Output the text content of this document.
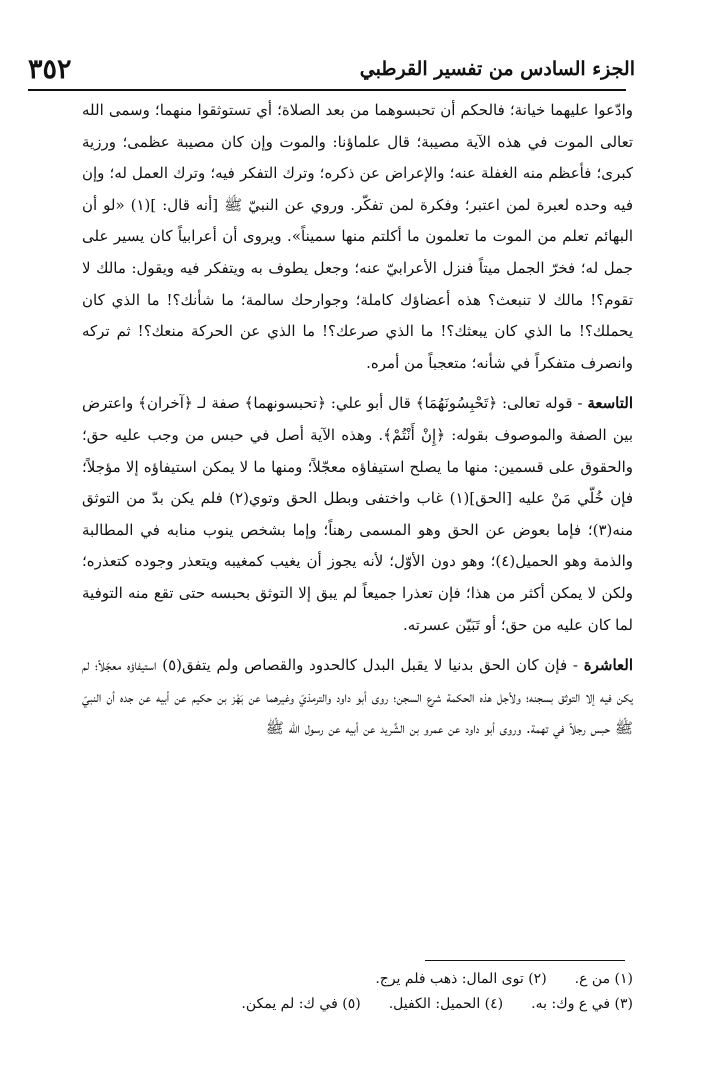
٣٥٢	الجزء السادس من تفسير القرطبي

وادّعوا عليهما خيانة؛ فالحكم أن تحبسوهما من بعد الصلاة؛ أي تستوثقوا منهما؛ وسمى الله تعالى الموت في هذه الآية مصيبة؛ قال علماؤنا: والموت وإن كان مصيبة عظمى؛ ورزية كبرى؛ فأعظم منه الغفلة عنه؛ والإعراض عن ذكره؛ وترك التفكر فيه؛ وترك العمل له؛ وإن فيه وحده لعبرة لمن اعتبر؛ وفكرة لمن تفكّر. وروي عن النبيّ ﷺ [أنه قال: ](١) «لو أن البهائم تعلم من الموت ما تعلمون ما أكلتم منها سميناً». ويروى أن أعرابياً كان يسير على جمل له؛ فخرّ الجمل ميتاً فنزل الأعرابيّ عنه؛ وجعل يطوف به ويتفكر فيه ويقول: مالك لا تقوم؟! مالك لا تنبعث؟ هذه أعضاؤك كاملة؛ وجوارحك سالمة؛ ما شأنك؟! ما الذي كان يحملك؟! ما الذي كان يبعثك؟! ما الذي صرعك؟! ما الذي عن الحركة منعك؟! ثم تركه وانصرف متفكراً في شأنه؛ متعجباً من أمره.

التاسعة - قوله تعالى: ﴿تَحْبِسُونَهُمَا﴾ قال أبو علي: ﴿تحبسونهما﴾ صفة لـ ﴿آخران﴾ واعترض بين الصفة والموصوف بقوله: ﴿إِنْ أَنْتُمْ﴾. وهذه الآية أصل في حبس من وجب عليه حق؛ والحقوق على قسمين: منها ما يصلح استيفاؤه معجّلاً؛ ومنها ما لا يمكن استيفاؤه إلا مؤجلاً؛ فإن خُلّي مَنْ عليه [الحق](١) غاب واختفى وبطل الحق وتوي(٢) فلم يكن بدّ من التوثق منه(٣)؛ فإما بعوض عن الحق وهو المسمى رهناً؛ وإما بشخص ينوب منابه في المطالبة والذمة وهو الحميل(٤)؛ وهو دون الأوّل؛ لأنه يجوز أن يغيب كمغيبه ويتعذر وجوده كتعذره؛ ولكن لا يمكن أكثر من هذا؛ فإن تعذرا جميعاً لم يبق إلا التوثق بحبسه حتى تقع منه التوفية لما كان عليه من حق؛ أو تَبَيّن عسرته.

العاشرة - فإن كان الحق بدنيا لا يقبل البدل كالحدود والقصاص ولم يتفق(٥) استيفاؤه معجّلاً؛ لم يكن فيه إلا التوثق بسجنه؛ ولأجل هذه الحكمة شرع السجن؛ روى أبو داود والترمذيّ وغيرهما عن بَهْز بن حكيم عن أبيه عن جده أن النبيّ ﷺ حبس رجلاً في تهمة. وروى أبو داود عن عمرو بن الشَّريد عن أبيه عن رسول الله ﷺ

(١) من ع.
(٢) توى المال: ذهب فلم يرج.
(٣) في ع وك: به.
(٤) الحميل: الكفيل.
(٥) في ك: لم يمكن.
